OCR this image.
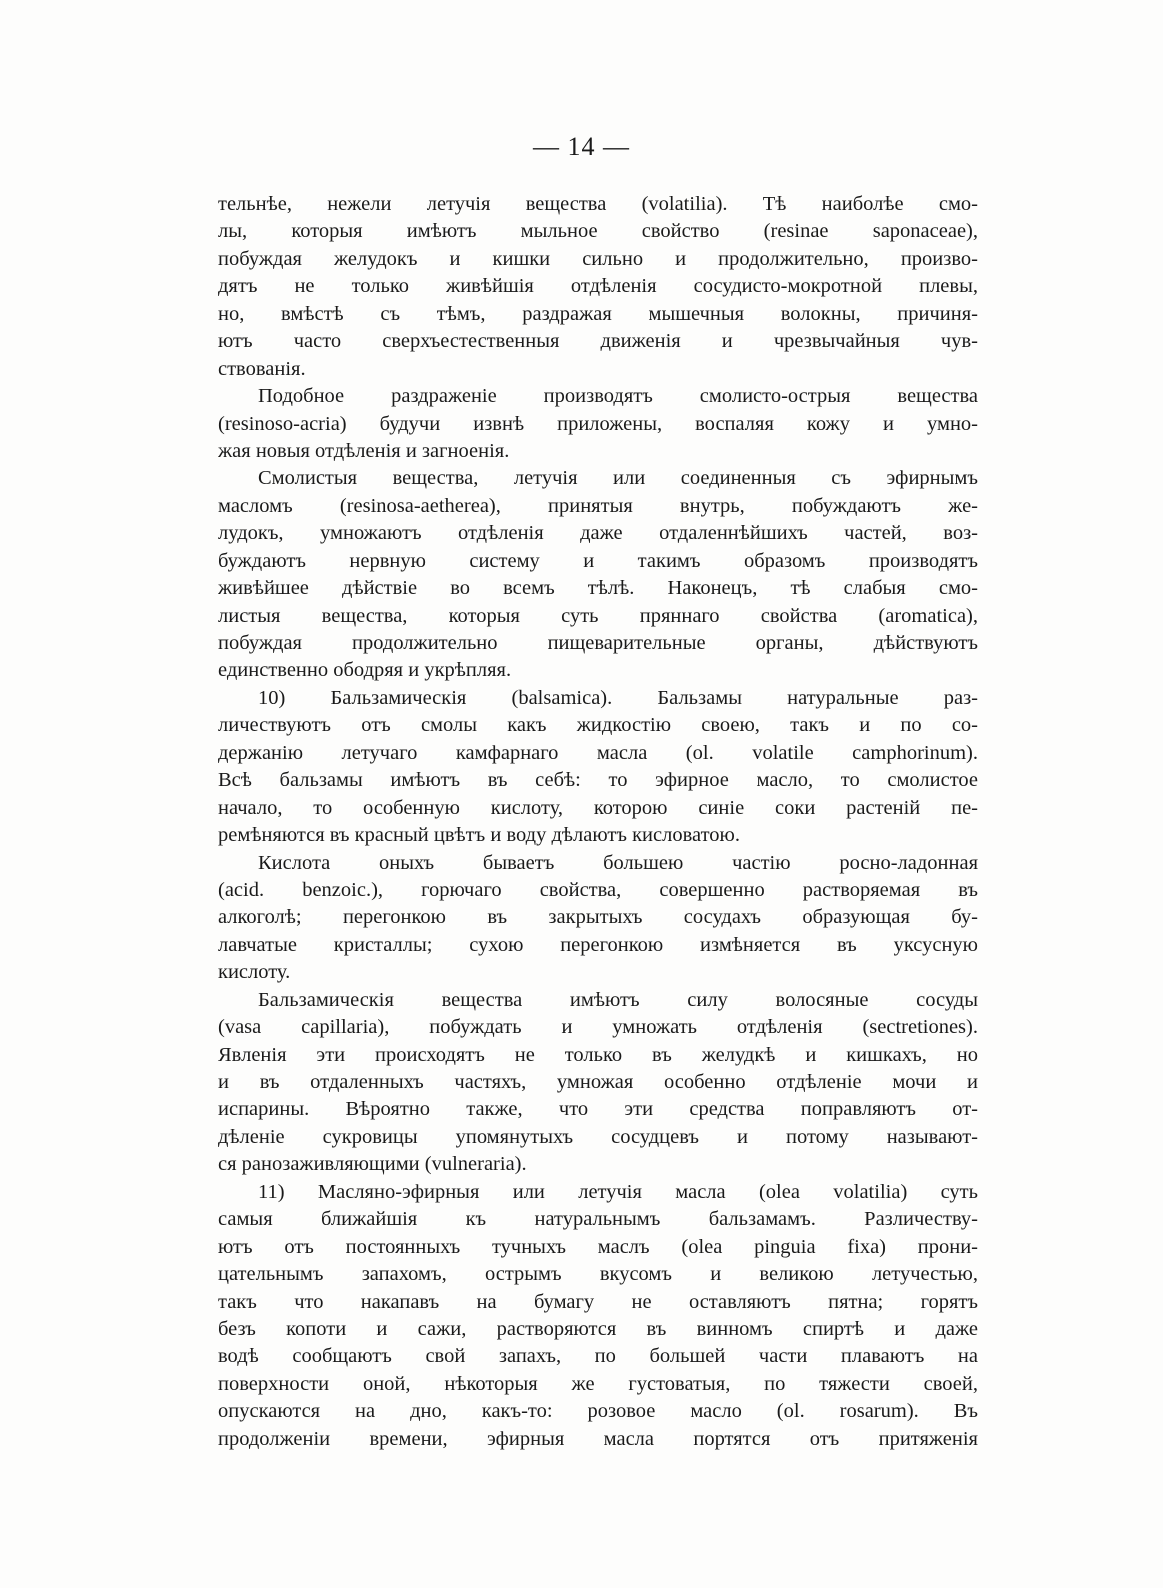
— 14 —
тельнѣе, нежели летучія вещества (volatilia). Тѣ наиболѣе смо-
лы, которыя имѣютъ мыльное свойство (resinae saponaceae),
побуждая желудокъ и кишки сильно и продолжительно, произво-
дятъ не только живѣйшія отдѣленія сосудисто-мокротной плевы,
но, вмѣстѣ съ тѣмъ, раздражая мышечныя волокны, причиня-
ютъ часто сверхъестественныя движенія и чрезвычайныя чув-
ствованія.
Подобное раздраженіе производятъ смолисто-острыя вещества
(resinoso-acria) будучи извнѣ приложены, воспаляя кожу и умно-
жая новыя отдѣленія и загноенія.
Смолистыя вещества, летучія или соединенныя съ эфирнымъ
масломъ (resinosa-aetherea), принятыя внутрь, побуждаютъ же-
лудокъ, умножаютъ отдѣленія даже отдаленнѣйшихъ частей, воз-
буждаютъ нервную систему и такимъ образомъ производятъ
живѣйшее дѣйствіе во всемъ тѣлѣ. Наконецъ, тѣ слабыя смо-
листыя вещества, которыя суть пряннаго свойства (aromatica),
побуждая продолжительно пищеварительные органы, дѣйствуютъ
единственно ободряя и укрѣпляя.
10) Бальзамическія (balsamica). Бальзамы натуральные раз-
личествуютъ отъ смолы какъ жидкостію своею, такъ и по со-
держанію летучаго камфарнаго масла (ol. volatile camphorinum).
Всѣ бальзамы имѣютъ въ себѣ: то эфирное масло, то смолистое
начало, то особенную кислоту, которою синіе соки растеній пе-
ремѣняются въ красный цвѣтъ и воду дѣлаютъ кисловатою.
Кислота оныхъ бываетъ большею частію росно-ладонная
(acid. benzoic.), горючаго свойства, совершенно растворяемая въ
алкоголѣ; перегонкою въ закрытыхъ сосудахъ образующая бу-
лавчатые кристаллы; сухою перегонкою измѣняется въ уксусную
кислоту.
Бальзамическія вещества имѣютъ силу волосяные сосуды
(vasa capillaria), побуждать и умножать отдѣленія (sectretiones).
Явленія эти происходятъ не только въ желудкѣ и кишкахъ, но
и въ отдаленныхъ частяхъ, умножая особенно отдѣленіе мочи и
испарины. Вѣроятно также, что эти средства поправляютъ от-
дѣленіе сукровицы упомянутыхъ сосудцевъ и потому называют-
ся ранозаживляющими (vulneraria).
11) Масляно-эфирныя или летучія масла (olea volatilia) суть
самыя ближайшія къ натуральнымъ бальзамамъ. Различеству-
ютъ отъ постоянныхъ тучныхъ маслъ (olea pinguia fixa) прони-
цательнымъ запахомъ, острымъ вкусомъ и великою летучестью,
такъ что накапавъ на бумагу не оставляютъ пятна; горятъ
безъ копоти и сажи, растворяются въ винномъ спиртѣ и даже
водѣ сообщаютъ свой запахъ, по большей части плаваютъ на
поверхности оной, нѣкоторыя же густоватыя, по тяжести своей,
опускаются на дно, какъ-то: розовое масло (ol. rosarum). Въ
продолженіи времени, эфирныя масла портятся отъ притяженія
